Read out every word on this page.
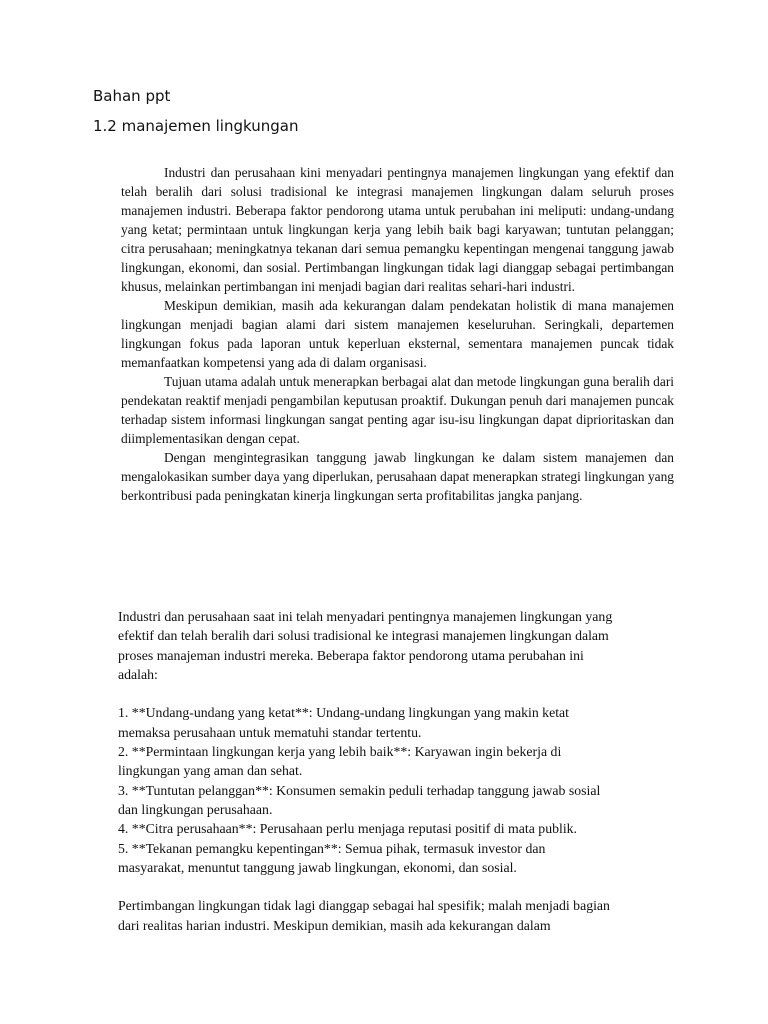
Bahan ppt
1.2 manajemen lingkungan

Industri dan perusahaan kini menyadari pentingnya manajemen lingkungan yang efektif dan telah beralih dari solusi tradisional ke integrasi manajemen lingkungan dalam seluruh proses manajemen industri. Beberapa faktor pendorong utama untuk perubahan ini meliputi: undang-undang yang ketat; permintaan untuk lingkungan kerja yang lebih baik bagi karyawan; tuntutan pelanggan; citra perusahaan; meningkatnya tekanan dari semua pemangku kepentingan mengenai tanggung jawab lingkungan, ekonomi, dan sosial. Pertimbangan lingkungan tidak lagi dianggap sebagai pertimbangan khusus, melainkan pertimbangan ini menjadi bagian dari realitas sehari-hari industri.

Meskipun demikian, masih ada kekurangan dalam pendekatan holistik di mana manajemen lingkungan menjadi bagian alami dari sistem manajemen keseluruhan. Seringkali, departemen lingkungan fokus pada laporan untuk keperluan eksternal, sementara manajemen puncak tidak memanfaatkan kompetensi yang ada di dalam organisasi.

Tujuan utama adalah untuk menerapkan berbagai alat dan metode lingkungan guna beralih dari pendekatan reaktif menjadi pengambilan keputusan proaktif. Dukungan penuh dari manajemen puncak terhadap sistem informasi lingkungan sangat penting agar isu-isu lingkungan dapat diprioritaskan dan diimplementasikan dengan cepat.

Dengan mengintegrasikan tanggung jawab lingkungan ke dalam sistem manajemen dan mengalokasikan sumber daya yang diperlukan, perusahaan dapat menerapkan strategi lingkungan yang berkontribusi pada peningkatan kinerja lingkungan serta profitabilitas jangka panjang.

Industri dan perusahaan saat ini telah menyadari pentingnya manajemen lingkungan yang

efektif dan telah beralih dari solusi tradisional ke integrasi manajemen lingkungan dalam

proses manajeman industri mereka. Beberapa faktor pendorong utama perubahan ini

adalah:

1. **Undang-undang yang ketat**: Undang-undang lingkungan yang makin ketat

memaksa perusahaan untuk mematuhi standar tertentu.

2. **Permintaan lingkungan kerja yang lebih baik**: Karyawan ingin bekerja di

lingkungan yang aman dan sehat.

3. **Tuntutan pelanggan**: Konsumen semakin peduli terhadap tanggung jawab sosial

dan lingkungan perusahaan.

4. **Citra perusahaan**: Perusahaan perlu menjaga reputasi positif di mata publik.

5. **Tekanan pemangku kepentingan**: Semua pihak, termasuk investor dan

masyarakat, menuntut tanggung jawab lingkungan, ekonomi, dan sosial.

Pertimbangan lingkungan tidak lagi dianggap sebagai hal spesifik; malah menjadi bagian

dari realitas harian industri. Meskipun demikian, masih ada kekurangan dalam
